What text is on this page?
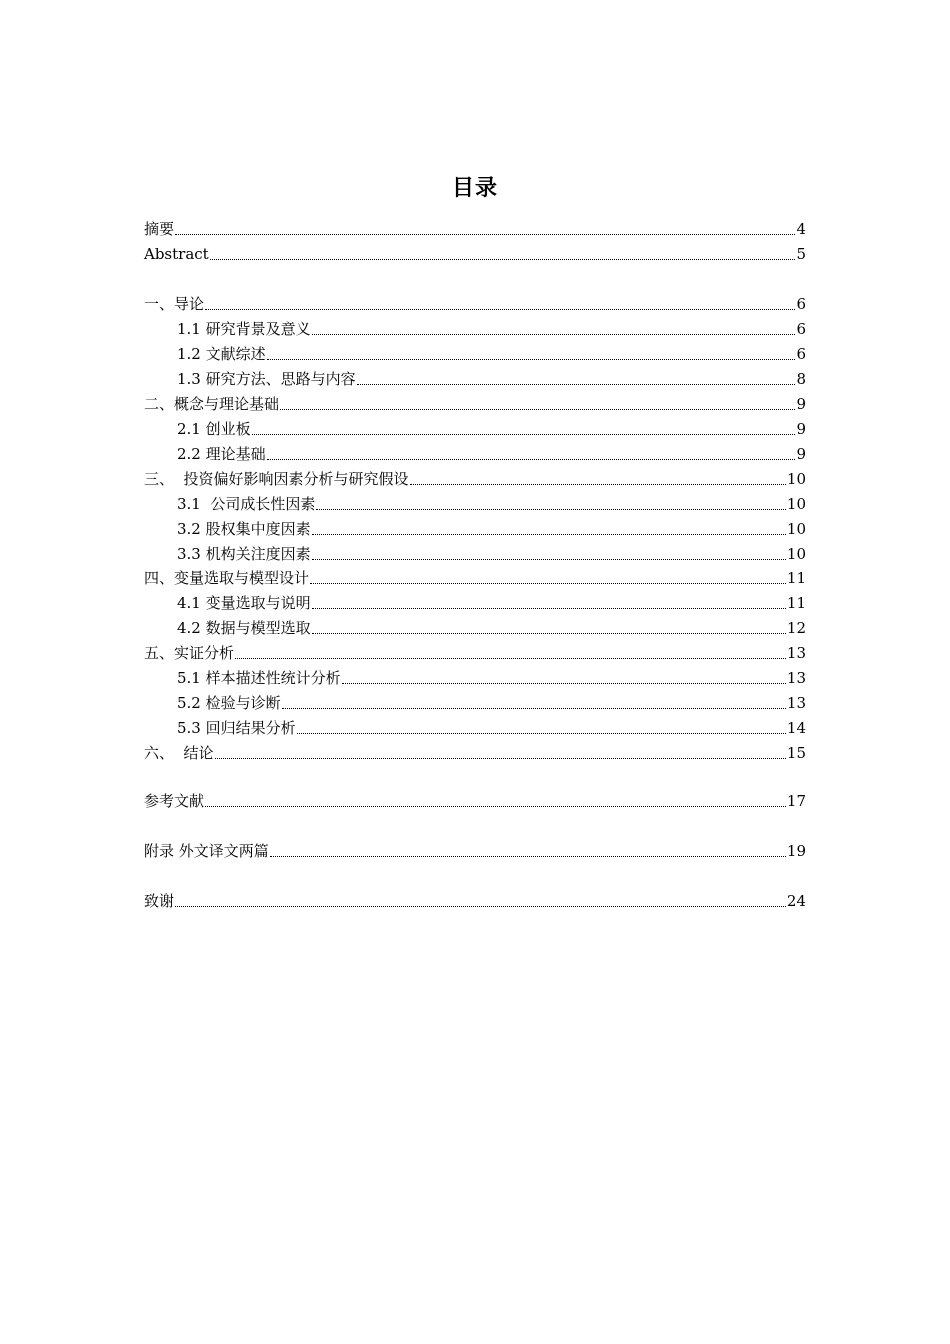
目录
摘要	4
Abstract	5
一、导论	6
1.1 研究背景及意义	6
1.2 文献综述	6
1.3 研究方法、思路与内容	8
二、概念与理论基础	9
2.1 创业板	9
2.2 理论基础	9
三、  投资偏好影响因素分析与研究假设	10
3.1  公司成长性因素	10
3.2 股权集中度因素	10
3.3 机构关注度因素	10
四、变量选取与模型设计	11
4.1 变量选取与说明	11
4.2 数据与模型选取	12
五、实证分析	13
5.1 样本描述性统计分析	13
5.2 检验与诊断	13
5.3 回归结果分析	14
六、  结论	15
参考文献	17
附录 外文译文两篇	19
致谢	24
